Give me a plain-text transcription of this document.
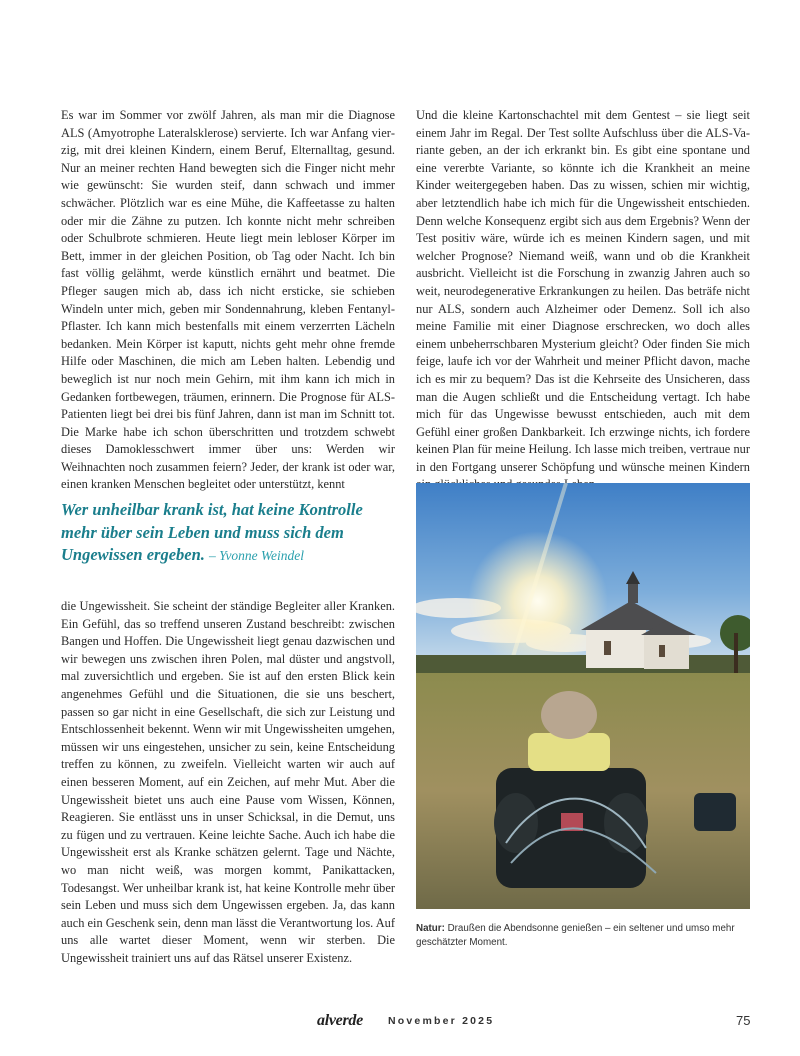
Es war im Sommer vor zwölf Jahren, als man mir die Diagnose ALS (Amyotrophe Lateralsklerose) servierte. Ich war Anfang vierzig, mit drei kleinen Kindern, einem Beruf, Elternalltag, gesund. Nur an meiner rechten Hand bewegten sich die Finger nicht mehr wie gewünscht: Sie wurden steif, dann schwach und immer schwächer. Plötzlich war es eine Mühe, die Kaffeetasse zu halten oder mir die Zähne zu putzen. Ich konnte nicht mehr schreiben oder Schulbrote schmieren. Heute liegt mein lebloser Körper im Bett, immer in der gleichen Position, ob Tag oder Nacht. Ich bin fast völlig gelähmt, werde künstlich ernährt und beatmet. Die Pfleger saugen mich ab, dass ich nicht ersticke, sie schieben Windeln unter mich, geben mir Sondennahrung, kleben Fentanyl-Pflaster. Ich kann mich bestenfalls mit einem verzerrten Lächeln bedanken. Mein Körper ist kaputt, nichts geht mehr ohne fremde Hilfe oder Maschinen, die mich am Leben halten. Lebendig und beweglich ist nur noch mein Gehirn, mit ihm kann ich mich in Gedanken fortbewegen, träumen, erinnern. Die Prognose für ALS-Patienten liegt bei drei bis fünf Jahren, dann ist man im Schnitt tot. Die Marke habe ich schon überschritten und trotzdem schwebt dieses Damoklesschwert immer über uns: Werden wir Weihnachten noch zusammen feiern? Jeder, der krank ist oder war, einen kranken Menschen begleitet oder unterstützt, kennt

Und die kleine Kartonschachtel mit dem Gentest – sie liegt seit einem Jahr im Regal. Der Test sollte Aufschluss über die ALS-Variante geben, an der ich erkrankt bin. Es gibt eine spontane und eine vererbte Variante, so könnte ich die Krankheit an meine Kinder weitergegeben haben. Das zu wissen, schien mir wichtig, aber letztendlich habe ich mich für die Ungewissheit entschieden. Denn welche Konsequenz ergibt sich aus dem Ergebnis? Wenn der Test positiv wäre, würde ich es meinen Kindern sagen, und mit welcher Prognose? Niemand weiß, wann und ob die Krankheit ausbricht. Vielleicht ist die Forschung in zwanzig Jahren auch so weit, neurodegenerative Erkrankungen zu heilen. Das beträfe nicht nur ALS, sondern auch Alzheimer oder Demenz. Soll ich also meine Familie mit einer Diagnose erschrecken, wo doch alles einem unbeherrschbaren Mysterium gleicht? Oder finden Sie mich feige, laufe ich vor der Wahrheit und meiner Pflicht davon, mache ich es mir zu bequem? Das ist die Kehrseite des Unsicheren, dass man die Augen schließt und die Entscheidung vertagt. Ich habe mich für das Ungewisse bewusst entschieden, auch mit dem Gefühl einer großen Dankbarkeit. Ich erzwinge nichts, ich fordere keinen Plan für meine Heilung. Ich lasse mich treiben, vertraue nur in den Fortgang unserer Schöpfung und wünsche meinen Kindern

Wer unheilbar krank ist, hat keine Kontrolle mehr über sein Leben und muss sich dem Ungewissen ergeben. – Yvonne Weindel

die Ungewissheit. Sie scheint der ständige Begleiter aller Kranken. Ein Gefühl, das so treffend unseren Zustand beschreibt: zwischen Bangen und Hoffen. Die Ungewissheit liegt genau dazwischen und wir bewegen uns zwischen ihren Polen, mal düster und angstvoll, mal zuversichtlich und ergeben. Sie ist auf den ersten Blick kein angenehmes Gefühl und die Situationen, die sie uns beschert, passen so gar nicht in eine Gesellschaft, die sich zur Leistung und Entschlossenheit bekennt. Wenn wir mit Ungewissheiten umgehen, müssen wir uns eingestehen, unsicher zu sein, keine Entscheidung treffen zu können, zu zweifeln. Vielleicht warten wir auch auf einen besseren Moment, auf ein Zeichen, auf mehr Mut. Aber die Ungewissheit bietet uns auch eine Pause vom Wissen, Können, Reagieren. Sie entlässt uns in unser Schicksal, in die Demut, uns zu fügen und zu vertrauen. Keine leichte Sache. Auch ich habe die Ungewissheit erst als Kranke schätzen gelernt. Tage und Nächte, wo man nicht weiß, was morgen kommt, Panikattacken, Todesangst. Wer unheilbar krank ist, hat keine Kontrolle mehr über sein Leben und muss sich dem Ungewissen ergeben. Ja, das kann auch ein Geschenk sein, denn man lässt die Verantwortung los. Auf uns alle wartet dieser Moment, wenn wir sterben. Die Ungewissheit trainiert uns auf das Rätsel unserer Existenz.

Natur: Draußen die Abendsonne genießen – ein seltener und umso mehr geschätzter Moment.
alverde November 2025	75
